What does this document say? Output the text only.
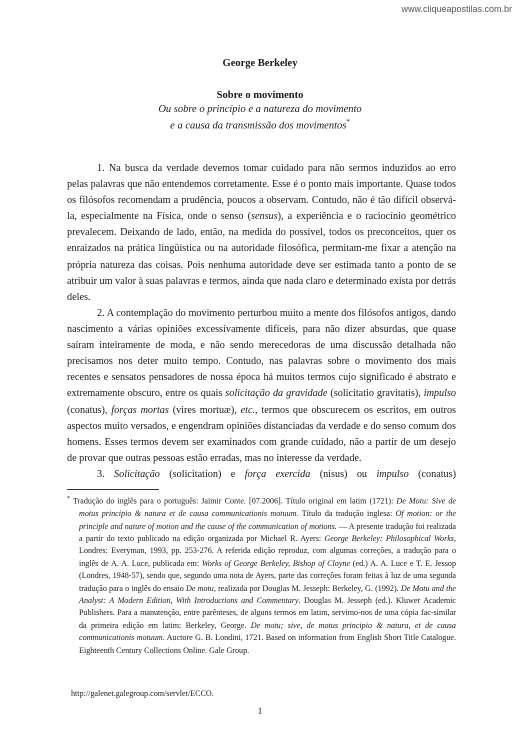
www.cliqueapostilas.com.br
George Berkeley
Sobre o movimento
Ou sobre o princípio e a natureza do movimento
e a causa da transmissão dos movimentos*

1. Na busca da verdade devemos tomar cuidado para não sermos induzidos ao erro pelas palavras que não entendemos corretamente. Esse é o ponto mais importante. Quase todos os filósofos recomendam a prudência, poucos a observam. Contudo, não é tão difícil observá-la, especialmente na Física, onde o senso (sensus), a experiência e o raciocínio geométrico prevalecem. Deixando de lado, então, na medida do possível, todos os preconceitos, quer os enraizados na prática lingüística ou na autoridade filosófica, permitam-me fixar a atenção na própria natureza das coisas. Pois nenhuma autoridade deve ser estimada tanto a ponto de se atribuir um valor à suas palavras e termos, ainda que nada claro e determinado exista por detrás deles.

2. A contemplação do movimento perturbou muito a mente dos filósofos antigos, dando nascimento a várias opiniões excessivamente difíceis, para não dizer absurdas, que quase saíram inteiramente de moda, e não sendo merecedoras de uma discussão detalhada não precisamos nos deter muito tempo. Contudo, nas palavras sobre o movimento dos mais recentes e sensatos pensadores de nossa época há muitos termos cujo significado é abstrato e extremamente obscuro, entre os quais solicitação da gravidade (solicitatio gravitatis), impulso (conatus), forças mortas (vires mortuæ), etc., termos que obscurecem os escritos, em outros aspectos muito versados, e engendram opiniões distanciadas da verdade e do senso comum dos homens. Esses termos devem ser examinados com grande cuidado, não a partir de um desejo de provar que outras pessoas estão erradas, mas no interesse da verdade.

3. Solicitação (solicitation) e força exercida (nisus) ou impulso (conatus)

* Tradução do inglês para o português: Jaimir Conte. [07.2006]. Título original em latim (1721): De Motu: Sive de motus principio & natura et de causa communicationis motuum. Título da tradução inglesa: Of motion: or the principle and nature of motion and the cause of the communication of motions. — A presente tradução foi realizada a partir do texto publicado na edição organizada por Michael R. Ayers: George Berkeley: Philosophical Works, Londres: Everyman, 1993, pp. 253-276. A referida edição reproduz, com algumas correções, a tradução para o inglês de A. A. Luce, publicada em: Works of George Berkeley, Bishop of Cloyne (ed.) A. A. Luce e T. E. Jessop (Londres, 1948-57), sendo que, segundo uma nota de Ayers, parte das correções foram feitas à luz de uma segunda tradução para o inglês do ensaio De motu, realizada por Douglas M. Jesseph: Berkeley, G. (1992). De Motu and the Analyst: A Modern Edition, With Introductions and Commentary. Douglas M. Jesseph (ed.). Kluwer Academic Publishers. Para a manutenção, entre parênteses, de alguns termos em latim, servimo-nos de uma cópia fac-similar da primeira edição em latim: Berkeley, George. De motu; sive, de motus principio & natura, et de causa communicationis motuum. Auctore G. B. Londini, 1721. Based on information from English Short Title Catalogue. Eighteenth Century Collections Online. Gale Group.

http://galenet.galegroup.com/servlet/ECCO.
1
